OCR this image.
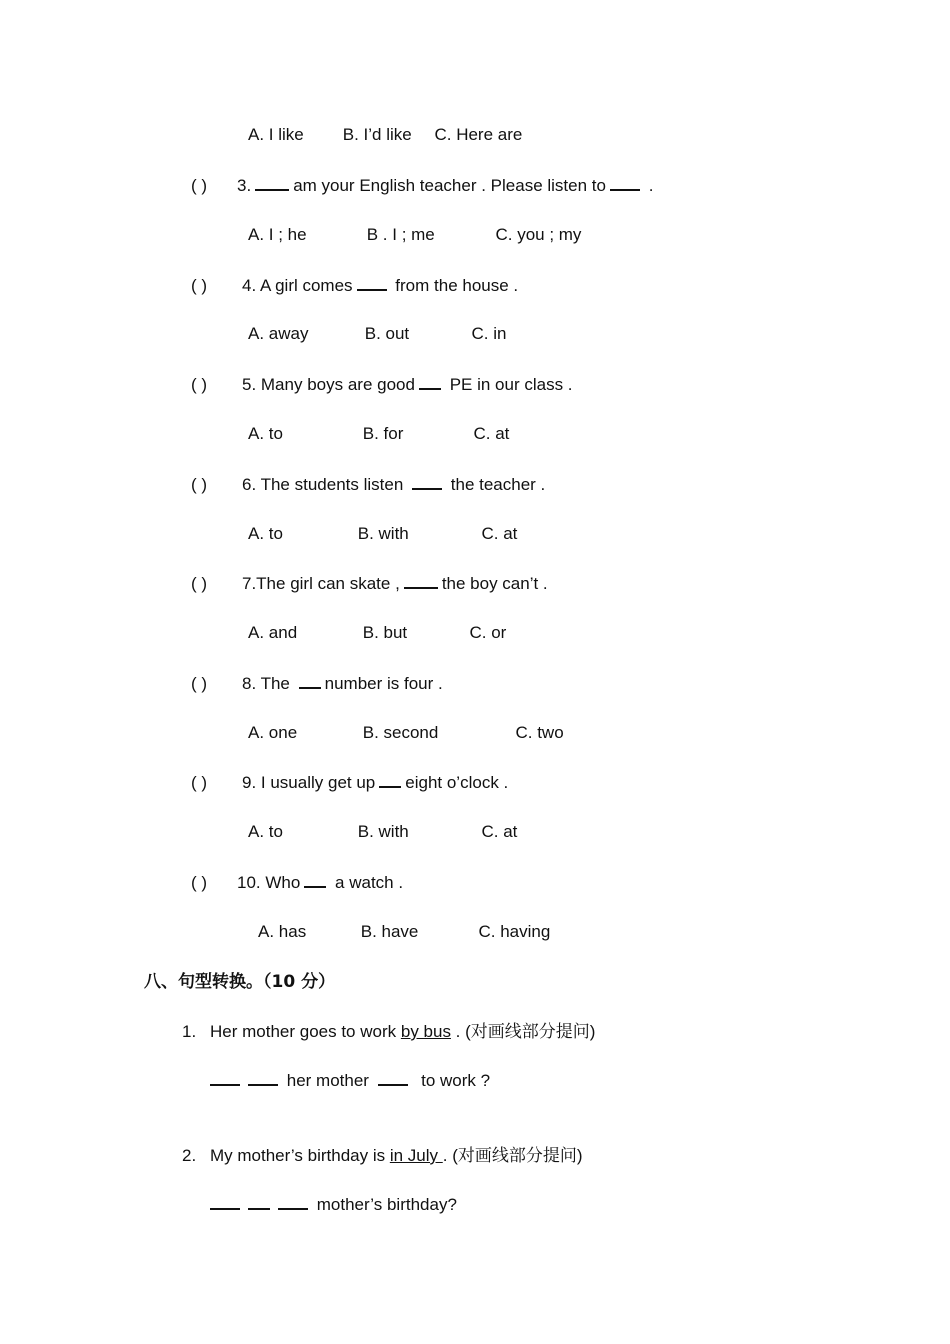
A. I like B. I’d like C. Here are
( ) 3. am your English teacher . Please listen to	.
A. I ; he	B . I ; me	C. you ; my
( ) 4. A girl comes	from the house .
A. away	B. out	C. in
( ) 5. Many boys are good PE in our class .
A. to	B. for	C. at
( ) 6. The students listen	the teacher .
A. to	B. with	C. at
( ) 7.The girl can skate , the boy can’t .
A. and	B. but	C. or
( ) 8. The number is four .
A. one	B. second	C. two
( ) 9. I usually get up eight o’clock .
A. to	B. with	C. at
( ) 10. Who a watch .
A. has	B. have	C. having
八、句型转换。（10 分）
1. Her mother goes to work by bus . (对画线部分提问)
her mother	to work ?
2. My mother’s birthday is in July . (对画线部分提问)
mother’s birthday?
